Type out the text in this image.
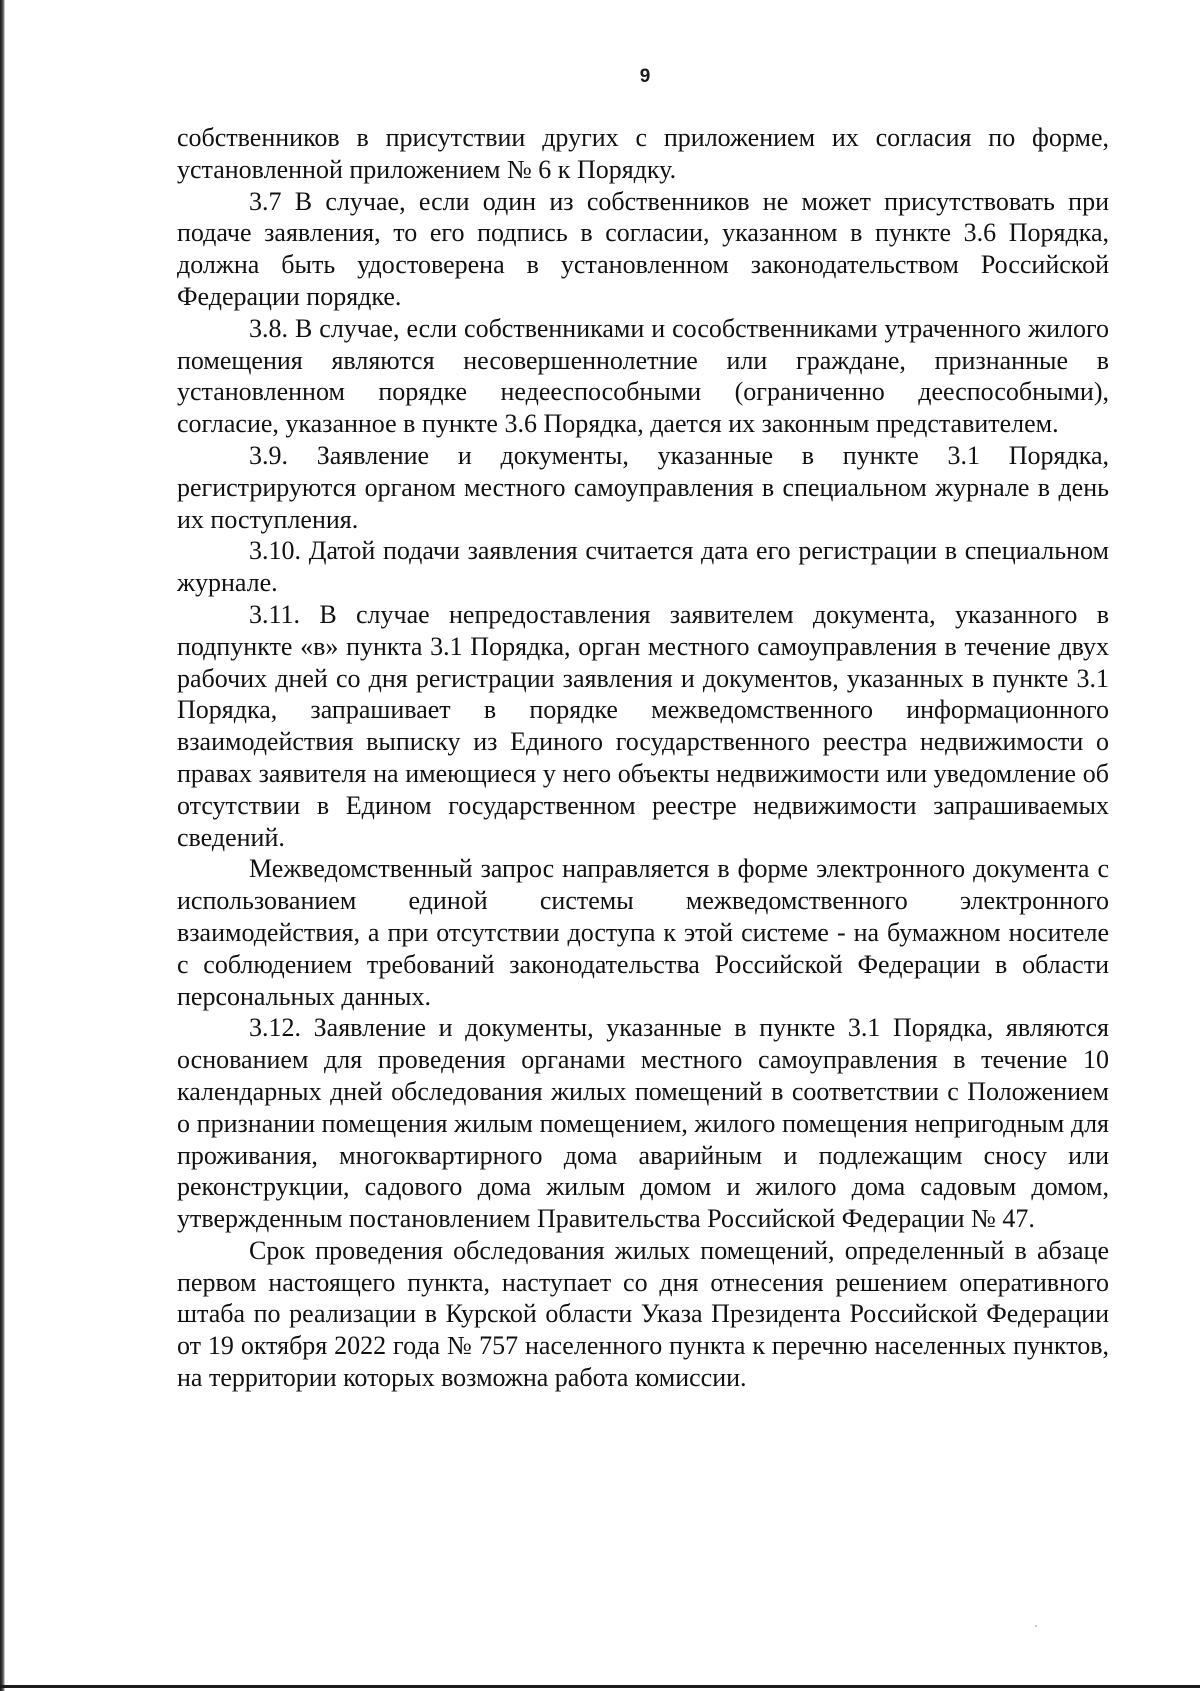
9

собственников в присутствии других с приложением их согласия по форме, установленной приложением № 6 к Порядку.

3.7 В случае, если один из собственников не может присутствовать при подаче заявления, то его подпись в согласии, указанном в пункте 3.6 Порядка, должна быть удостоверена в установленном законодательством Российской Федерации порядке.

3.8. В случае, если собственниками и сособственниками утраченного жилого помещения являются несовершеннолетние или граждане, признанные в установленном порядке недееспособными (ограниченно дееспособными), согласие, указанное в пункте 3.6 Порядка, дается их законным представителем.

3.9. Заявление и документы, указанные в пункте 3.1 Порядка, регистрируются органом местного самоуправления в специальном журнале в день их поступления.

3.10. Датой подачи заявления считается дата его регистрации в специальном журнале.

3.11. В случае непредоставления заявителем документа, указанного в подпункте «в» пункта 3.1 Порядка, орган местного самоуправления в течение двух рабочих дней со дня регистрации заявления и документов, указанных в пункте 3.1 Порядка, запрашивает в порядке межведомственного информационного взаимодействия выписку из Единого государственного реестра недвижимости о правах заявителя на имеющиеся у него объекты недвижимости или уведомление об отсутствии в Едином государственном реестре недвижимости запрашиваемых сведений.

Межведомственный запрос направляется в форме электронного документа с использованием единой системы межведомственного электронного взаимодействия, а при отсутствии доступа к этой системе - на бумажном носителе с соблюдением требований законодательства Российской Федерации в области персональных данных.

3.12. Заявление и документы, указанные в пункте 3.1 Порядка, являются основанием для проведения органами местного самоуправления в течение 10 календарных дней обследования жилых помещений в соответствии с Положением о признании помещения жилым помещением, жилого помещения непригодным для проживания, многоквартирного дома аварийным и подлежащим сносу или реконструкции, садового дома жилым домом и жилого дома садовым домом, утвержденным постановлением Правительства Российской Федерации № 47.

Срок проведения обследования жилых помещений, определенный в абзаце первом настоящего пункта, наступает со дня отнесения решением оперативного штаба по реализации в Курской области Указа Президента Российской Федерации от 19 октября 2022 года № 757 населенного пункта к перечню населенных пунктов, на территории которых возможна работа комиссии.
